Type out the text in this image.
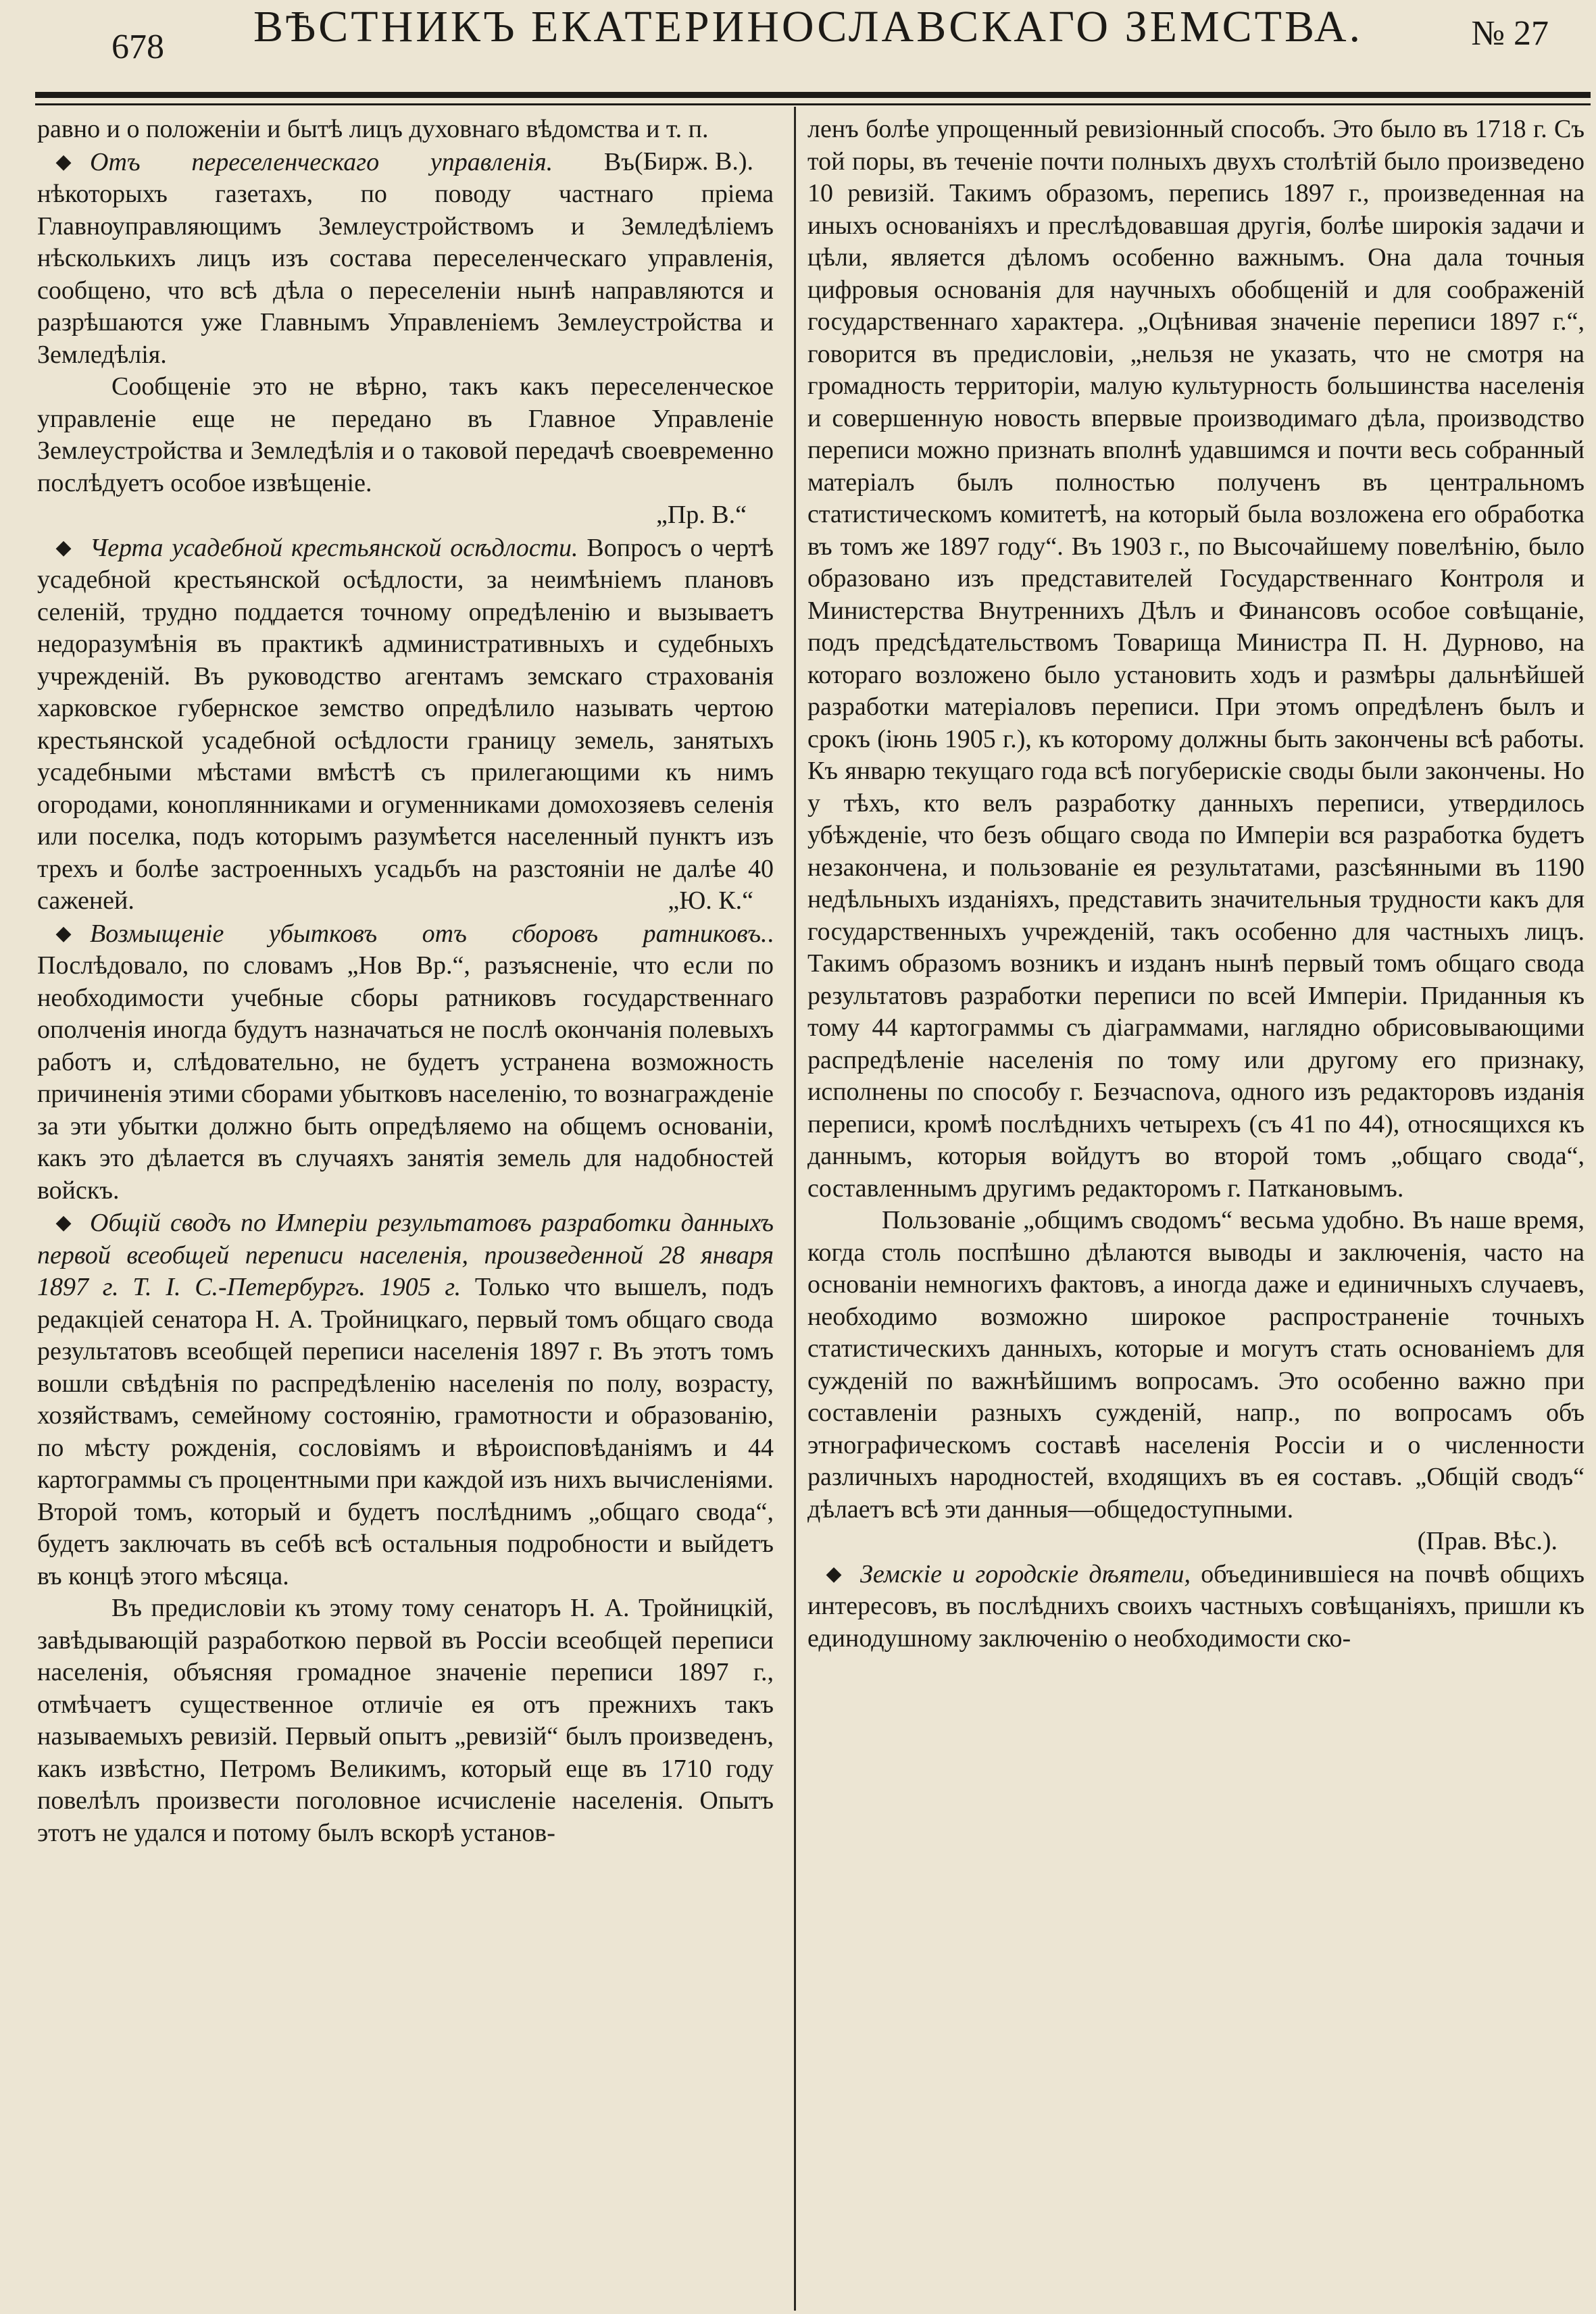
678	ВѢСТНИКЪ ЕКАТЕРИНОСЛАВСКАГО ЗЕМСТВА.	№ 27

равно и о положеніи и бытѣ лицъ духовнаго вѣдомства и т. п.
(Бирж. В.).

◆ Отъ переселенческаго управленія. Въ нѣкоторыхъ газетахъ, по поводу частнаго пріема Главноуправляющимъ Землеустройствомъ и Земледѣліемъ нѣсколькихъ лицъ изъ состава переселенческаго управленія, сообщено, что всѣ дѣла о переселеніи нынѣ направляются и разрѣшаются уже Главнымъ Управленіемъ Землеустройства и Земледѣлія.

Сообщеніе это не вѣрно, такъ какъ переселенческое управленіе еще не передано въ Главное Управленіе Землеустройства и Земледѣлія и о таковой передачѣ своевременно послѣдуетъ особое извѣщеніе.
„Пр. В.“

◆ Черта усадебной крестьянской осѣдлости. Вопросъ о чертѣ усадебной крестьянской осѣдлости, за неимѣніемъ плановъ селеній, трудно поддается точному опредѣленію и вызываетъ недоразумѣнія въ практикѣ административныхъ и судебныхъ учрежденій. Въ руководство агентамъ земскаго страхованія харковское губернское земство опредѣлило называть чертою крестьянской усадебной осѣдлости границу земель, занятыхъ усадебными мѣстами вмѣстѣ съ прилегающими къ нимъ огородами, коноплянниками и огуменниками домохозяевъ селенія или поселка, подъ которымъ разумѣется населенный пунктъ изъ трехъ и болѣе застроенныхъ усадьбъ на разстояніи не далѣе 40 саженей.	„Ю. К.“

◆ Возмыщеніе убытковъ отъ сборовъ ратниковъ.. Послѣдовало, по словамъ „Нов Вр.“, разъясненіе, что если по необходимости учебные сборы ратниковъ государственнаго ополченія иногда будутъ назначаться не послѣ окончанія полевыхъ работъ и, слѣдовательно, не будетъ устранена возможность причиненія этими сборами убытковъ населенію, то вознагражденіе за эти убытки должно быть опредѣляемо на общемъ основаніи, какъ это дѣлается въ случаяхъ занятія земель для надобностей войскъ.

◆ Общій сводъ по Имперіи результатовъ разработки данныхъ первой всеобщей переписи населенія, произведенной 28 января 1897 г. Т. I. С.-Петербургъ. 1905 г. Только что вышелъ, подъ редакціей сенатора Н. А. Тройницкаго, первый томъ общаго свода результатовъ всеобщей переписи населенія 1897 г. Въ этотъ томъ вошли свѣдѣнія по распредѣленію населенія по полу, возрасту, хозяйствамъ, семейному состоянію, грамотности и образованію, по мѣсту рожденія, сословіямъ и вѣроисповѣданіямъ и 44 картограммы съ процентными при каждой изъ нихъ вычисленіями. Второй томъ, который и будетъ послѣднимъ „общаго свода“, будетъ заключать въ себѣ всѣ остальныя подробности и выйдетъ въ концѣ этого мѣсяца.

Въ предисловіи къ этому тому сенаторъ Н. А. Тройницкій, завѣдывающій разработкою первой въ Россіи всеобщей переписи населенія, объясняя громадное значеніе переписи 1897 г., отмѣчаетъ существенное отличіе ея отъ прежнихъ такъ называемыхъ ревизій. Первый опытъ „ревизій“ былъ произведенъ, какъ извѣстно, Петромъ Великимъ, который еще въ 1710 году повелѣлъ произвести поголовное исчисленіе населенія. Опытъ этотъ не удался и потому былъ вскорѣ установ-

ленъ болѣе упрощенный ревизіонный способъ. Это было въ 1718 г. Съ той поры, въ теченіе почти полныхъ двухъ столѣтій было произведено 10 ревизій. Такимъ образомъ, перепись 1897 г., произведенная на иныхъ основаніяхъ и преслѣдовавшая другія, болѣе широкія задачи и цѣли, является дѣломъ особенно важнымъ. Она дала точныя цифровыя основанія для научныхъ обобщеній и для соображеній государственнаго характера. „Оцѣнивая значеніе переписи 1897 г.“, говорится въ предисловіи, „нельзя не указать, что не смотря на громадность территоріи, малую культурность большинства населенія и совершенную новость впервые производимаго дѣла, производство переписи можно признать вполнѣ удавшимся и почти весь собранный матеріалъ былъ полностью полученъ въ центральномъ статистическомъ комитетѣ, на который была возложена его обработка въ томъ же 1897 году“. Въ 1903 г., по Высочайшему повелѣнію, было образовано изъ представителей Государственнаго Контроля и Министерства Внутреннихъ Дѣлъ и Финансовъ особое совѣщаніе, подъ предсѣдательствомъ Товарища Министра П. Н. Дурново, на котораго возложено было установить ходъ и размѣры дальнѣйшей разработки матеріаловъ переписи. При этомъ опредѣленъ былъ и срокъ (іюнь 1905 г.), къ которому должны быть закончены всѣ работы. Къ январю текущаго года всѣ погуберискіе своды были закончены. Но у тѣхъ, кто велъ разработку данныхъ переписи, утвердилось убѣжденіе, что безъ общаго свода по Имперіи вся разработка будетъ незакончена, и пользованіе ея результатами, разсѣянными въ 1190 недѣльныхъ изданіяхъ, представить значительныя трудности какъ для государственныхъ учрежденій, такъ особенно для частныхъ лицъ. Такимъ образомъ возникъ и изданъ нынѣ первый томъ общаго свода результатовъ разработки переписи по всей Имперіи. Приданныя къ тому 44 картограммы съ діаграммами, наглядно обрисовывающими распредѣленіе населенія по тому или другому его признаку, исполнены по способу г. Безчасnova, одного изъ редакторовъ изданія переписи, кромѣ послѣднихъ четырехъ (съ 41 по 44), относящихся къ даннымъ, которыя войдутъ во второй томъ „общаго свода“, составленнымъ другимъ редакторомъ г. Паткановымъ.

Пользованіе „общимъ сводомъ“ весьма удобно. Въ наше время, когда столь поспѣшно дѣлаются выводы и заключенія, часто на основаніи немногихъ фактовъ, а иногда даже и единичныхъ случаевъ, необходимо возможно широкое распространеніе точныхъ статистическихъ данныхъ, которые и могутъ стать основаніемъ для сужденій по важнѣйшимъ вопросамъ. Это особенно важно при составленіи разныхъ сужденій, напр., по вопросамъ объ этнографическомъ составѣ населенія Россіи и о численности различныхъ народностей, входящихъ въ ея составъ. „Общій сводъ“ дѣлаетъ всѣ эти данныя—общедоступными.
(Прав. Вѣс.).

◆ Земскіе и городскіе дѣятели, объединившіеся на почвѣ общихъ интересовъ, въ послѣднихъ своихъ частныхъ совѣщаніяхъ, пришли къ единодушному заключенію о необходимости ско-
